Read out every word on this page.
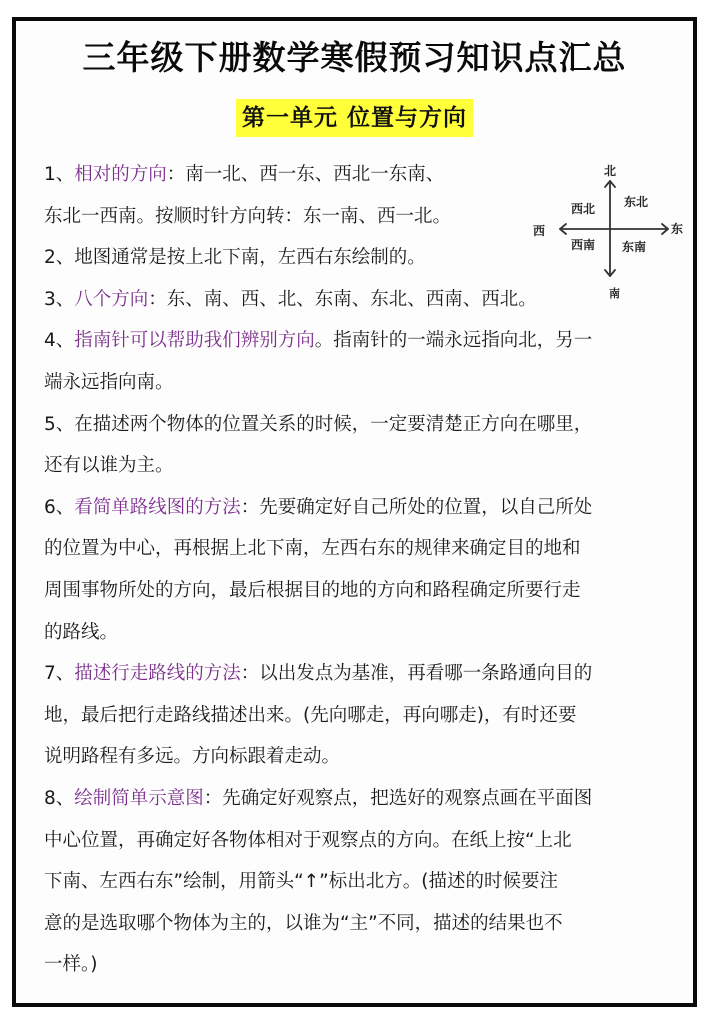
三年级下册数学寒假预习知识点汇总
第一单元 位置与方向
北
东
西
南
西北 东北
西南 东南
1、相对的方向：南一北、西一东、西北一东南、
东北一西南。按顺时针方向转：东一南、西一北。
2、地图通常是按上北下南，左西右东绘制的。
3、八个方向：东、南、西、北、东南、东北、西南、西北。
4、指南针可以帮助我们辨别方向。指南针的一端永远指向北，另一
端永远指向南。
5、在描述两个物体的位置关系的时候，一定要清楚正方向在哪里，
还有以谁为主。
6、看简单路线图的方法：先要确定好自己所处的位置，以自己所处
的位置为中心，再根据上北下南，左西右东的规律来确定目的地和
周围事物所处的方向，最后根据目的地的方向和路程确定所要行走
的路线。
7、描述行走路线的方法：以出发点为基准，再看哪一条路通向目的
地，最后把行走路线描述出来。(先向哪走，再向哪走)，有时还要
说明路程有多远。方向标跟着走动。
8、绘制简单示意图：先确定好观察点，把选好的观察点画在平面图
中心位置，再确定好各物体相对于观察点的方向。在纸上按“上北
下南、左西右东”绘制，用箭头“↑”标出北方。(描述的时候要注
意的是选取哪个物体为主的，以谁为“主”不同，描述的结果也不
一样。)
